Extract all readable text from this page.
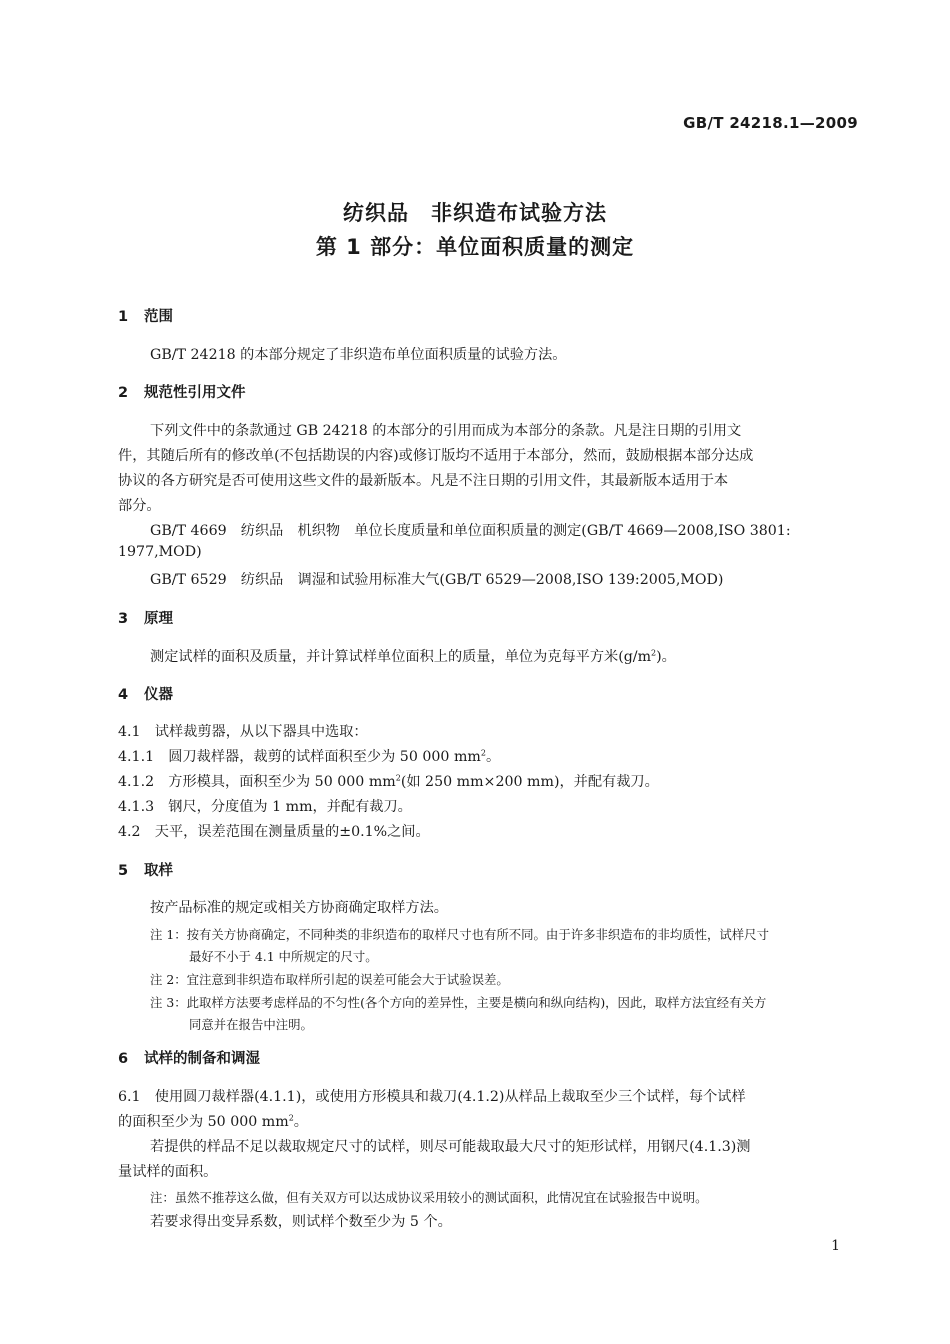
GB/T 24218.1—2009
纺织品　非织造布试验方法
第 1 部分：单位面积质量的测定
1 范围
GB/T 24218 的本部分规定了非织造布单位面积质量的试验方法。
2 规范性引用文件
下列文件中的条款通过 GB 24218 的本部分的引用而成为本部分的条款。凡是注日期的引用文
件，其随后所有的修改单(不包括勘误的内容)或修订版均不适用于本部分，然而，鼓励根据本部分达成
协议的各方研究是否可使用这些文件的最新版本。凡是不注日期的引用文件，其最新版本适用于本
部分。
GB/T 4669　纺织品　机织物　单位长度质量和单位面积质量的测定(GB/T 4669—2008,ISO 3801:
1977,MOD)
GB/T 6529　纺织品　调湿和试验用标准大气(GB/T 6529—2008,ISO 139:2005,MOD)
3 原理
测定试样的面积及质量，并计算试样单位面积上的质量，单位为克每平方米$(g/m^2)$。
4 仪器
4.1　试样裁剪器，从以下器具中选取：
4.1.1　圆刀裁样器，裁剪的试样面积至少为 50 000 $mm^2$。
4.1.2　方形模具，面积至少为 50 000 $mm^2$(如 250 mm×200 mm)，并配有裁刀。
4.1.3　钢尺，分度值为 1 mm，并配有裁刀。
4.2　天平，误差范围在测量质量的±0.1%之间。
5 取样
按产品标准的规定或相关方协商确定取样方法。
注 1：按有关方协商确定，不同种类的非织造布的取样尺寸也有所不同。由于许多非织造布的非均质性，试样尺寸
最好不小于 4.1 中所规定的尺寸。
注 2：宜注意到非织造布取样所引起的误差可能会大于试验误差。
注 3：此取样方法要考虑样品的不匀性(各个方向的差异性，主要是横向和纵向结构)，因此，取样方法宜经有关方
同意并在报告中注明。
6 试样的制备和调湿
6.1　使用圆刀裁样器(4.1.1)，或使用方形模具和裁刀(4.1.2)从样品上裁取至少三个试样，每个试样
的面积至少为 50 000 $mm^2$。
若提供的样品不足以裁取规定尺寸的试样，则尽可能裁取最大尺寸的矩形试样，用钢尺(4.1.3)测
量试样的面积。
注：虽然不推荐这么做，但有关双方可以达成协议采用较小的测试面积，此情况宜在试验报告中说明。
若要求得出变异系数，则试样个数至少为 5 个。
1
